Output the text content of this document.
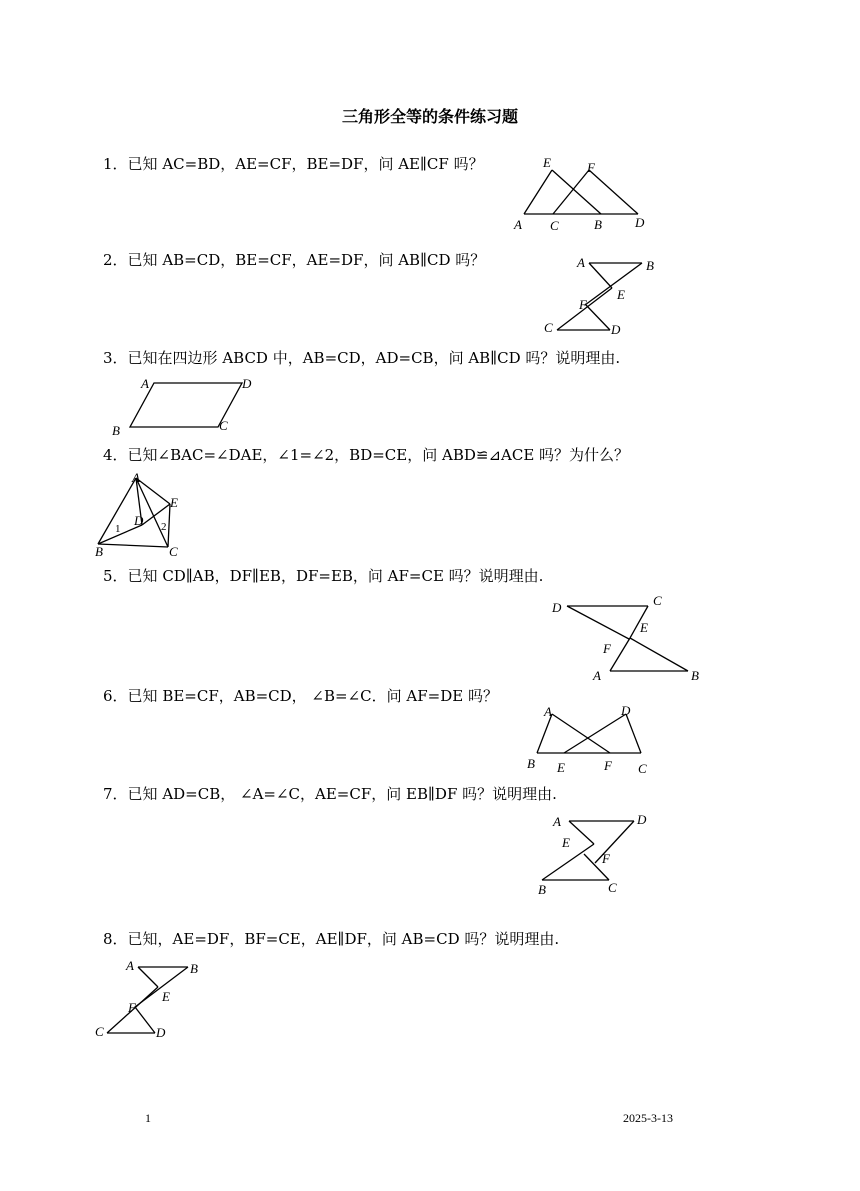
三角形全等的条件练习题
1．已知 AC=BD，AE=CF，BE=DF，问 AE∥CF 吗？
A C	B	D
E	F
2．已知 AB=CD，BE=CF，AE=DF，问 AB∥CD 吗？	A	B
E
F
C	D
3．已知在四边形 ABCD 中，AB=CD，AD=CB，问 AB∥CD 吗？说明理由.
A	D
B	C
4．已知∠BAC=∠DAE，∠1=∠2，BD=CE，问 ABD≌⊿ACE 吗？为什么？
A
E
D
1	2
B	C
5．已知 CD∥AB，DF∥EB，DF=EB，问 AF=CE 吗？说明理由.
D	C
E
F
A	B
6．已知 BE=CF，AB=CD， ∠B=∠C．问 AF=DE 吗？
A	D
B E	F C
7．已知 AD=CB， ∠A=∠C，AE=CF，问 EB∥DF 吗？说明理由.
A	D
E
F
B	C
8．已知，AE=DF，BF=CE，AE∥DF，问 AB=CD 吗？说明理由.
A	B
E
F
C	D
1	2025-3-13
